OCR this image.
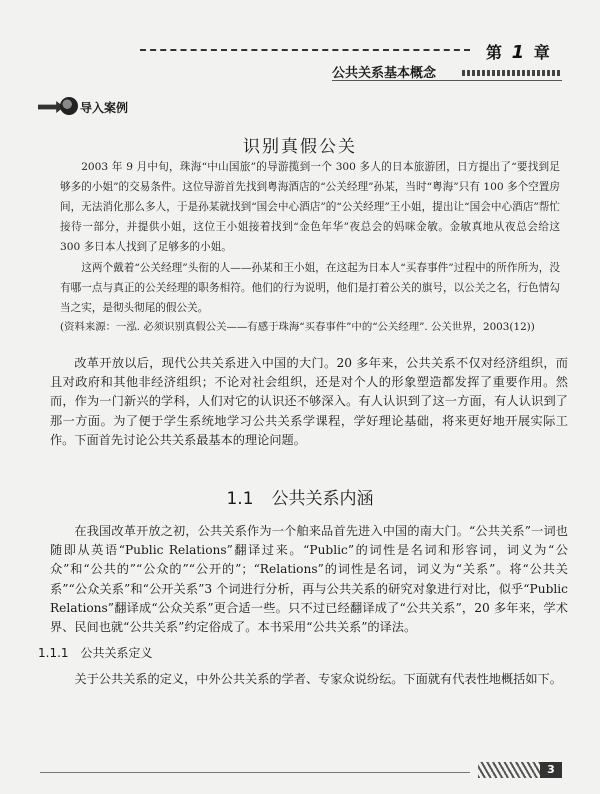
第 1 章
公共关系基本概念
导入案例
识别真假公关
2003 年 9 月中旬，珠海“中山国旅”的导游揽到一个 300 多人的日本旅游团，日方提出了“要找到足够多的小姐”的交易条件。这位导游首先找到粤海酒店的“公关经理”孙某，当时“粤海”只有 100 多个空置房间，无法消化那么多人，于是孙某就找到“国会中心酒店”的“公关经理”王小姐，提出让“国会中心酒店”帮忙接待一部分，并提供小姐，这位王小姐接着找到“金色年华”夜总会的妈咪金敏。金敏真地从夜总会给这 300 多日本人找到了足够多的小姐。
这两个戴着“公关经理”头衔的人——孙某和王小姐，在这起为日本人“买春事件”过程中的所作所为，没有哪一点与真正的公关经理的职务相符。他们的行为说明，他们是打着公关的旗号，以公关之名，行色情勾当之实，是彻头彻尾的假公关。
(资料来源：一泓. 必须识别真假公关——有感于珠海“买春事件”中的“公关经理”. 公关世界，2003(12))
改革开放以后，现代公共关系进入中国的大门。20 多年来，公共关系不仅对经济组织，而且对政府和其他非经济组织；不论对社会组织，还是对个人的形象塑造都发挥了重要作用。然而，作为一门新兴的学科，人们对它的认识还不够深入。有人认识到了这一方面，有人认识到了那一方面。为了便于学生系统地学习公共关系学课程，学好理论基础，将来更好地开展实际工作。下面首先讨论公共关系最基本的理论问题。
1.1 公共关系内涵
在我国改革开放之初，公共关系作为一个舶来品首先进入中国的南大门。“公共关系”一词也随即从英语“Public Relations”翻译过来。“Public”的词性是名词和形容词，词义为“公众”和“公共的”“公众的”“公开的”；“Relations”的词性是名词，词义为“关系”。将“公共关系”“公众关系”和“公开关系”3 个词进行分析，再与公共关系的研究对象进行对比，似乎“Public Relations”翻译成“公众关系”更合适一些。只不过已经翻译成了“公共关系”，20 多年来，学术界、民间也就“公共关系”约定俗成了。本书采用“公共关系”的译法。
1.1.1 公共关系定义
关于公共关系的定义，中外公共关系的学者、专家众说纷纭。下面就有代表性地概括如下。
3
